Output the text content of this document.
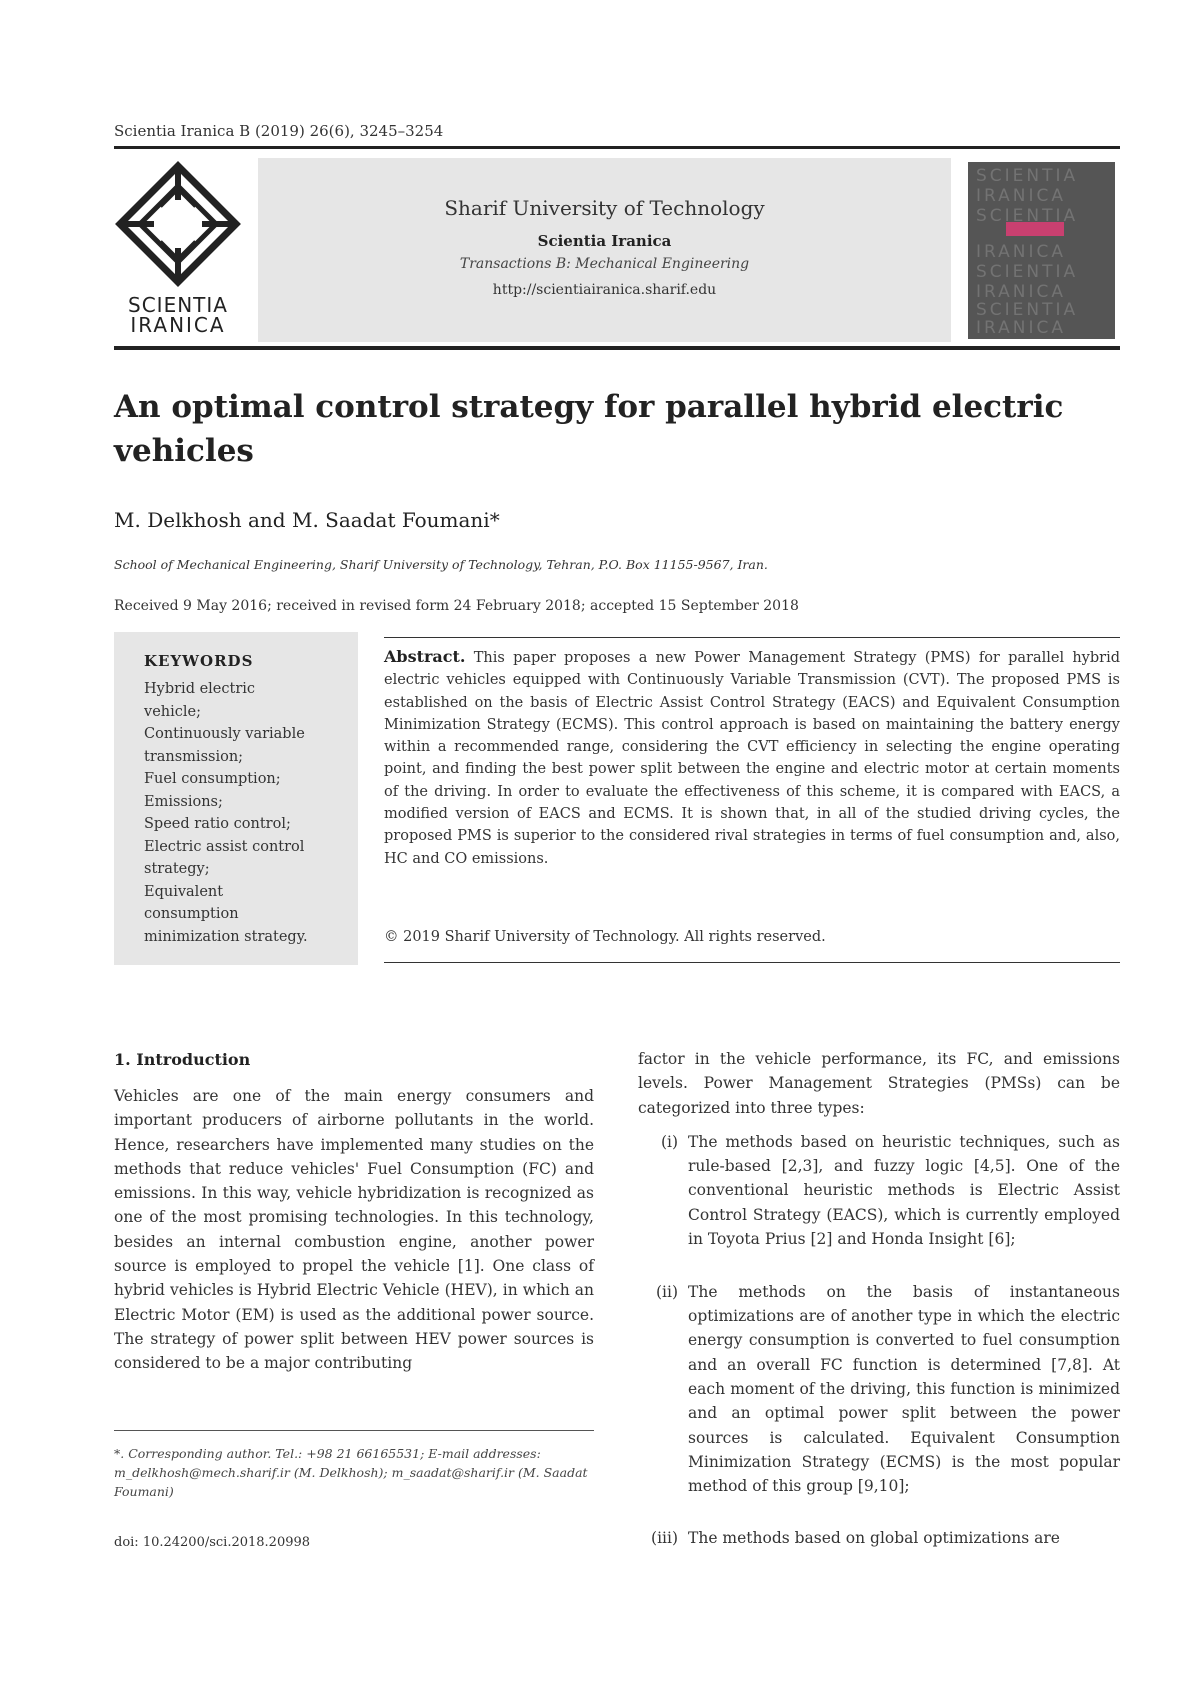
Scientia Iranica B (2019) 26(6), 3245–3254
SCIENTIA
IRANICA
Sharif University of Technology
Scientia Iranica
Transactions B: Mechanical Engineering
http://scientiairanica.sharif.edu
SCIENTIA
IRANICA
SCIENTIA
IRANICA
SCIENTIA
IRANICA
SCIENTIA
IRANICA
An optimal control strategy for parallel hybrid electric vehicles
M. Delkhosh and M. Saadat Foumani*
School of Mechanical Engineering, Sharif University of Technology, Tehran, P.O. Box 11155-9567, Iran.
Received 9 May 2016; received in revised form 24 February 2018; accepted 15 September 2018
KEYWORDS
Hybrid electric
vehicle;
Continuously variable
transmission;
Fuel consumption;
Emissions;
Speed ratio control;
Electric assist control
strategy;
Equivalent
consumption
minimization strategy.
Abstract. This paper proposes a new Power Management Strategy (PMS) for parallel hybrid electric vehicles equipped with Continuously Variable Transmission (CVT). The proposed PMS is established on the basis of Electric Assist Control Strategy (EACS) and Equivalent Consumption Minimization Strategy (ECMS). This control approach is based on maintaining the battery energy within a recommended range, considering the CVT efficiency in selecting the engine operating point, and finding the best power split between the engine and electric motor at certain moments of the driving. In order to evaluate the effectiveness of this scheme, it is compared with EACS, a modified version of EACS and ECMS. It is shown that, in all of the studied driving cycles, the proposed PMS is superior to the considered rival strategies in terms of fuel consumption and, also, HC and CO emissions.
© 2019 Sharif University of Technology. All rights reserved.
1. Introduction
Vehicles are one of the main energy consumers and important producers of airborne pollutants in the world. Hence, researchers have implemented many studies on the methods that reduce vehicles' Fuel Consumption (FC) and emissions. In this way, vehicle hybridization is recognized as one of the most promising technologies. In this technology, besides an internal combustion engine, another power source is employed to propel the vehicle [1]. One class of hybrid vehicles is Hybrid Electric Vehicle (HEV), in which an Electric Motor (EM) is used as the additional power source. The strategy of power split between HEV power sources is considered to be a major contributing
factor in the vehicle performance, its FC, and emissions levels. Power Management Strategies (PMSs) can be categorized into three types:
(i) The methods based on heuristic techniques, such as rule-based [2,3], and fuzzy logic [4,5]. One of the conventional heuristic methods is Electric Assist Control Strategy (EACS), which is currently employed in Toyota Prius [2] and Honda Insight [6];
(ii) The methods on the basis of instantaneous optimizations are of another type in which the electric energy consumption is converted to fuel consumption and an overall FC function is determined [7,8]. At each moment of the driving, this function is minimized and an optimal power split between the power sources is calculated. Equivalent Consumption Minimization Strategy (ECMS) is the most popular method of this group [9,10];
(iii) The methods based on global optimizations are
*. Corresponding author. Tel.: +98 21 66165531; E-mail addresses: m_delkhosh@mech.sharif.ir (M. Delkhosh); m_saadat@sharif.ir (M. Saadat Foumani)
doi: 10.24200/sci.2018.20998
